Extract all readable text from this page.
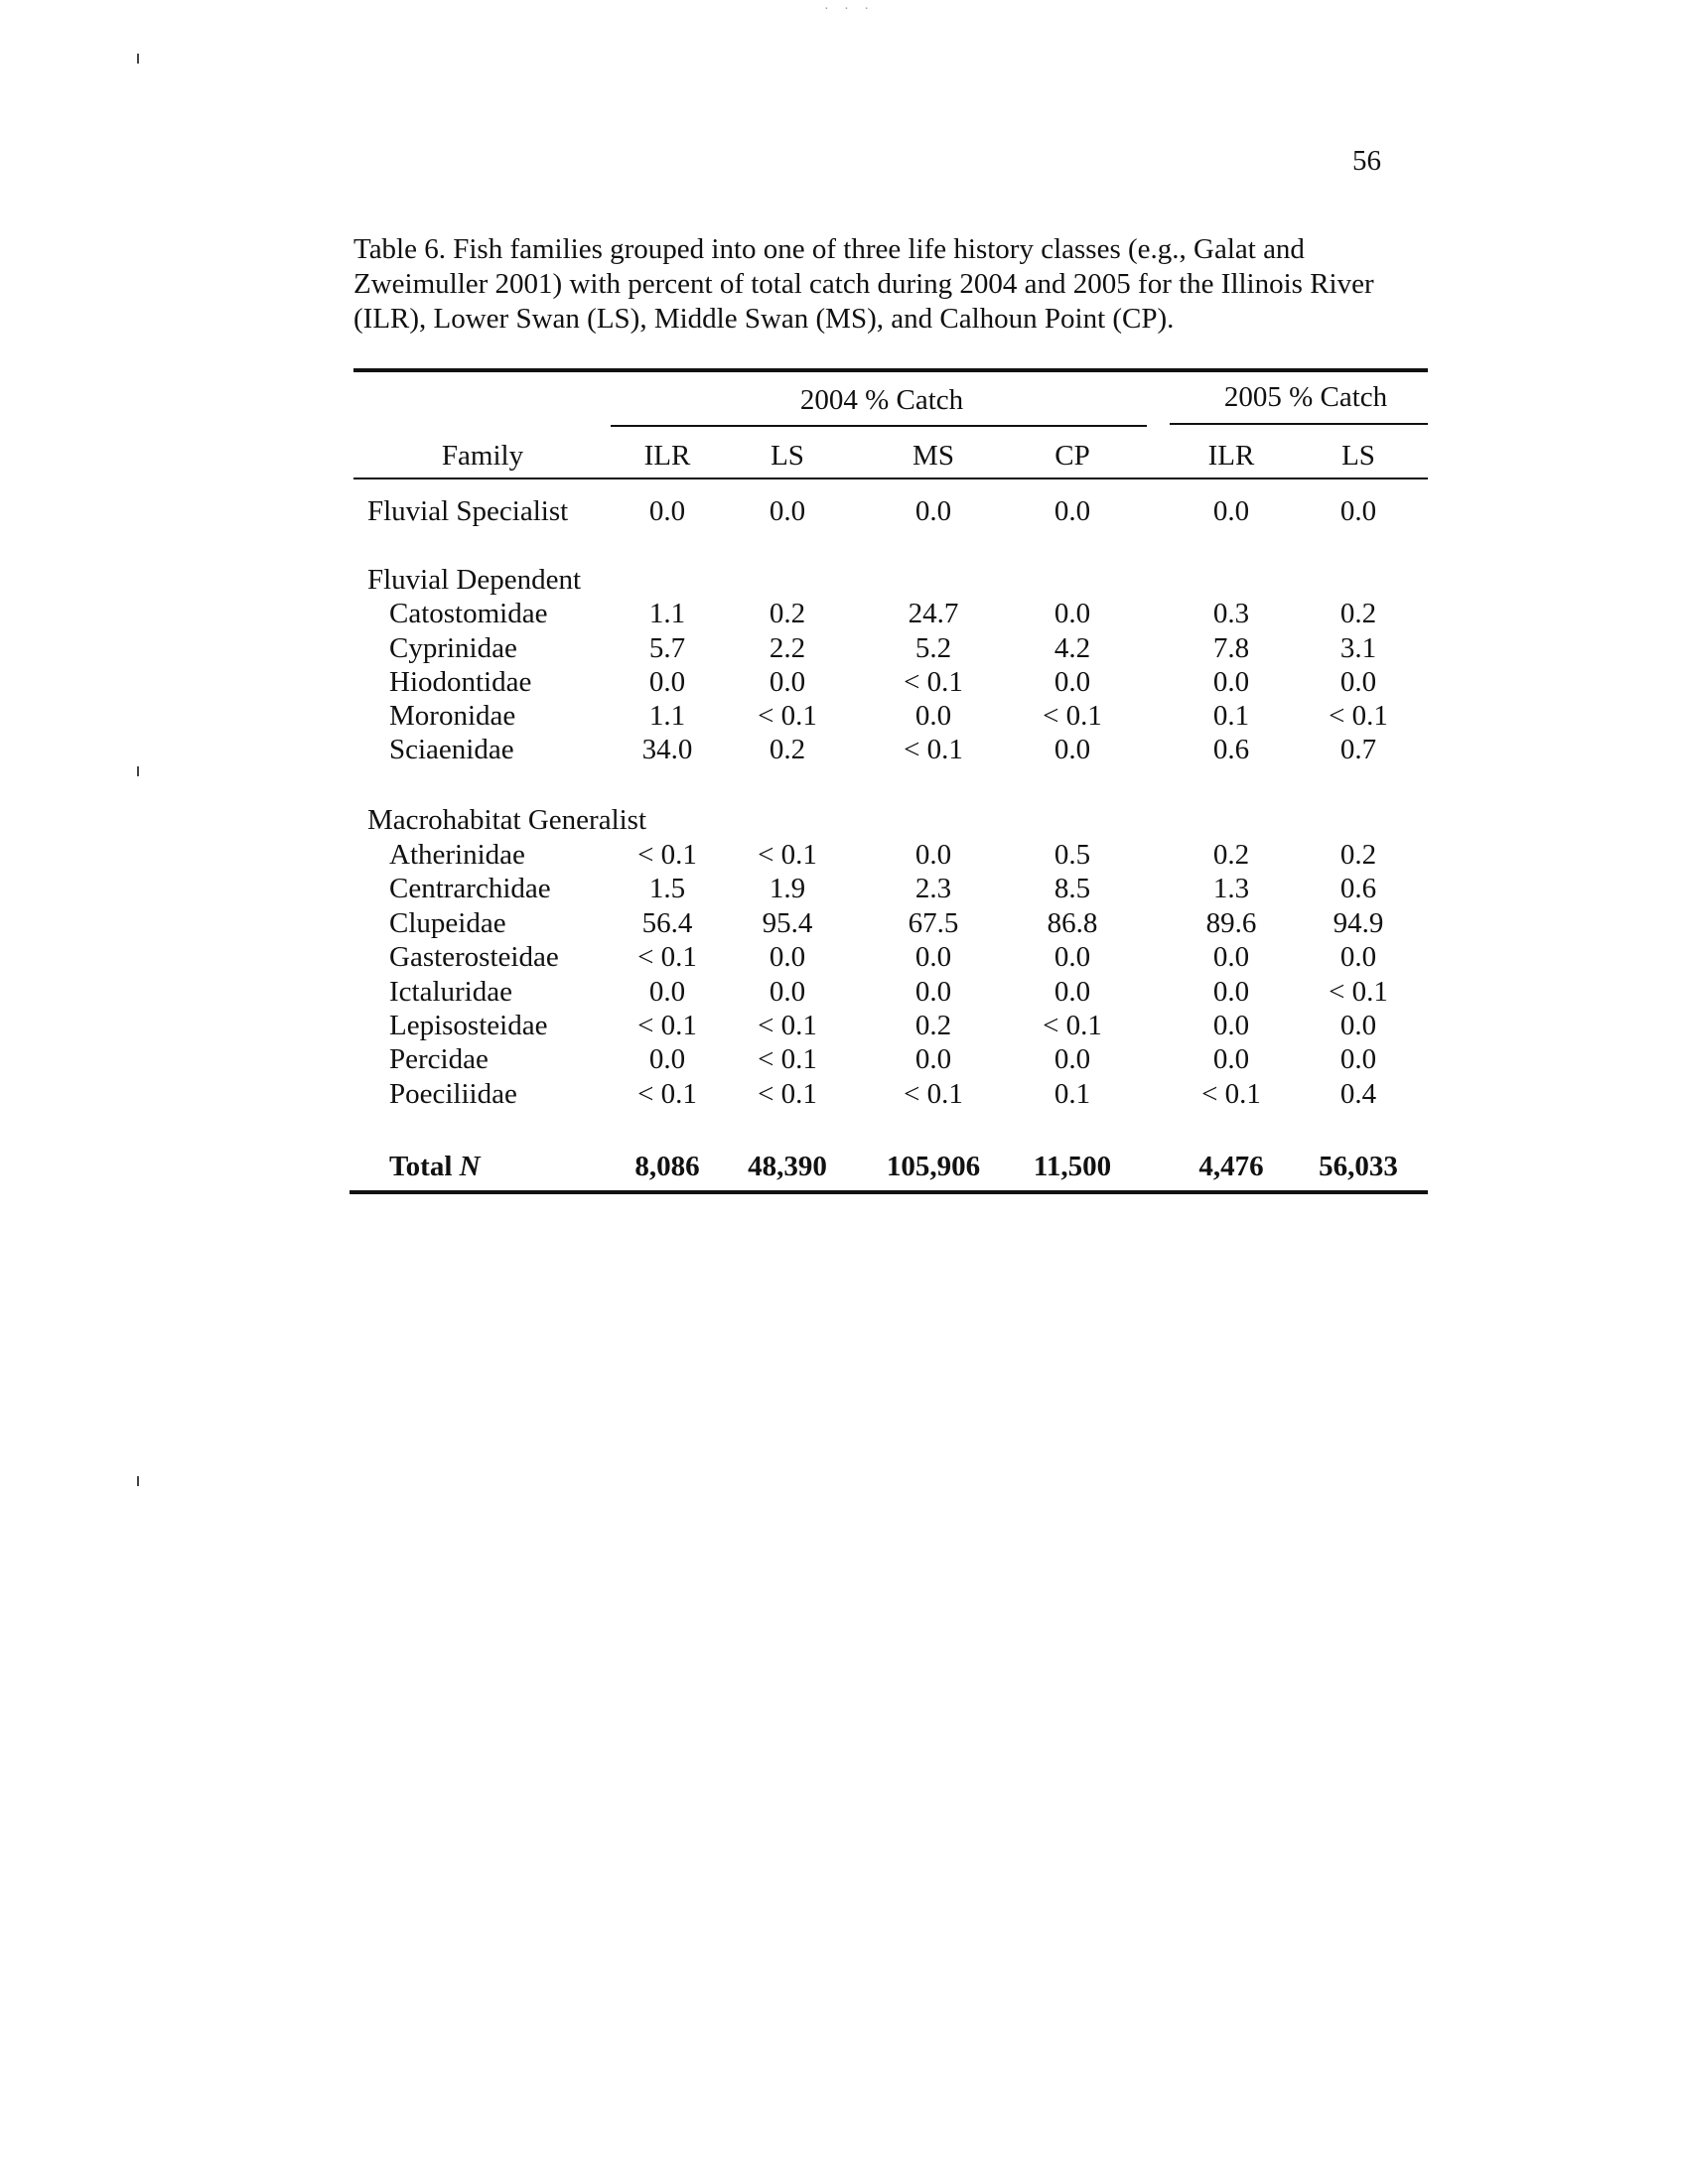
· · ·
56
Table 6. Fish families grouped into one of three life history classes (e.g., Galat and Zweimuller 2001) with percent of total catch during 2004 and 2005 for the Illinois River (ILR), Lower Swan (LS), Middle Swan (MS), and Calhoun Point (CP).
2004 % Catch	2005 % Catch
Family	ILR	LS	MS	CP	ILR	LS
Fluvial Specialist	0.0	0.0	0.0	0.0	0.0	0.0
Fluvial Dependent
Catostomidae	1.1	0.2	24.7	0.0	0.3	0.2
Cyprinidae	5.7	2.2	5.2	4.2	7.8	3.1
Hiodontidae	0.0	0.0	< 0.1	0.0	0.0	0.0
Moronidae	1.1	< 0.1	0.0	< 0.1	0.1	< 0.1
Sciaenidae	34.0	0.2	< 0.1	0.0	0.6	0.7
Macrohabitat Generalist
Atherinidae	< 0.1	< 0.1	0.0	0.5	0.2	0.2
Centrarchidae	1.5	1.9	2.3	8.5	1.3	0.6
Clupeidae	56.4	95.4	67.5	86.8	89.6	94.9
Gasterosteidae	< 0.1	0.0	0.0	0.0	0.0	0.0
Ictaluridae	0.0	0.0	0.0	0.0	0.0	< 0.1
Lepisosteidae	< 0.1	< 0.1	0.2	< 0.1	0.0	0.0
Percidae	0.0	< 0.1	0.0	0.0	0.0	0.0
Poeciliidae	< 0.1	< 0.1	< 0.1	0.1	< 0.1	0.4
Total N	8,086	48,390	105,906	11,500	4,476	56,033
